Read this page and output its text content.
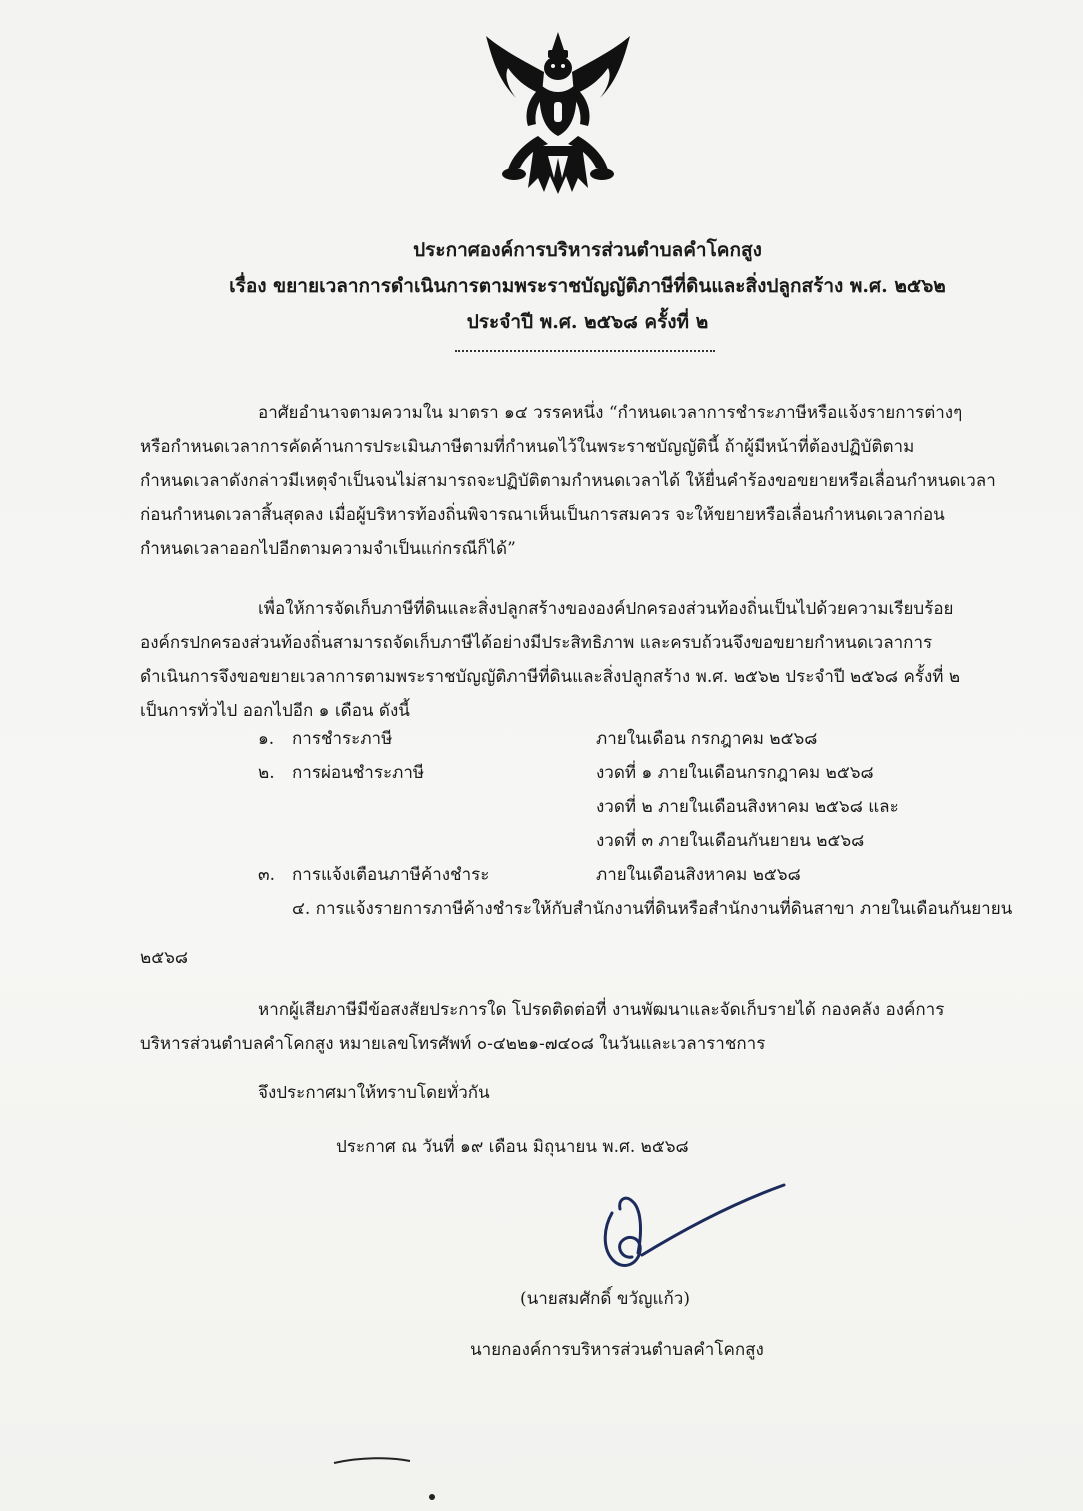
ประกาศองค์การบริหารส่วนตำบลคำโคกสูง
เรื่อง ขยายเวลาการดำเนินการตามพระราชบัญญัติภาษีที่ดินและสิ่งปลูกสร้าง พ.ศ. ๒๕๖๒
ประจำปี พ.ศ. ๒๕๖๘ ครั้งที่ ๒
อาศัยอำนาจตามความใน มาตรา ๑๔ วรรคหนึ่ง “กำหนดเวลาการชำระภาษีหรือแจ้งรายการต่างๆ
หรือกำหนดเวลาการคัดค้านการประเมินภาษีตามที่กำหนดไว้ในพระราชบัญญัตินี้ ถ้าผู้มีหน้าที่ต้องปฏิบัติตาม
กำหนดเวลาดังกล่าวมีเหตุจำเป็นจนไม่สามารถจะปฏิบัติตามกำหนดเวลาได้ ให้ยื่นคำร้องขอขยายหรือเลื่อนกำหนดเวลา
ก่อนกำหนดเวลาสิ้นสุดลง เมื่อผู้บริหารท้องถิ่นพิจารณาเห็นเป็นการสมควร จะให้ขยายหรือเลื่อนกำหนดเวลาก่อน
กำหนดเวลาออกไปอีกตามความจำเป็นแก่กรณีก็ได้”
เพื่อให้การจัดเก็บภาษีที่ดินและสิ่งปลูกสร้างขององค์ปกครองส่วนท้องถิ่นเป็นไปด้วยความเรียบร้อย
องค์กรปกครองส่วนท้องถิ่นสามารถจัดเก็บภาษีได้อย่างมีประสิทธิภาพ และครบถ้วนจึงขอขยายกำหนดเวลาการ
ดำเนินการจึงขอขยายเวลาการตามพระราชบัญญัติภาษีที่ดินและสิ่งปลูกสร้าง พ.ศ. ๒๕๖๒ ประจำปี ๒๕๖๘ ครั้งที่ ๒
เป็นการทั่วไป ออกไปอีก ๑ เดือน ดังนี้
๑. การชำระภาษี	ภายในเดือน กรกฎาคม ๒๕๖๘
๒. การผ่อนชำระภาษี	งวดที่ ๑ ภายในเดือนกรกฎาคม ๒๕๖๘
งวดที่ ๒ ภายในเดือนสิงหาคม ๒๕๖๘ และ
งวดที่ ๓ ภายในเดือนกันยายน ๒๕๖๘
๓. การแจ้งเตือนภาษีค้างชำระ	ภายในเดือนสิงหาคม ๒๕๖๘
๔. การแจ้งรายการภาษีค้างชำระให้กับสำนักงานที่ดินหรือสำนักงานที่ดินสาขา ภายในเดือนกันยายน
๒๕๖๘
หากผู้เสียภาษีมีข้อสงสัยประการใด โปรดติดต่อที่ งานพัฒนาและจัดเก็บรายได้ กองคลัง องค์การ
บริหารส่วนตำบลคำโคกสูง หมายเลขโทรศัพท์ ๐-๔๒๒๑-๗๔๐๘ ในวันและเวลาราชการ
จึงประกาศมาให้ทราบโดยทั่วกัน
ประกาศ ณ วันที่ ๑๙ เดือน มิถุนายน พ.ศ. ๒๕๖๘
(นายสมศักดิ์ ขวัญแก้ว)
นายกองค์การบริหารส่วนตำบลคำโคกสูง
